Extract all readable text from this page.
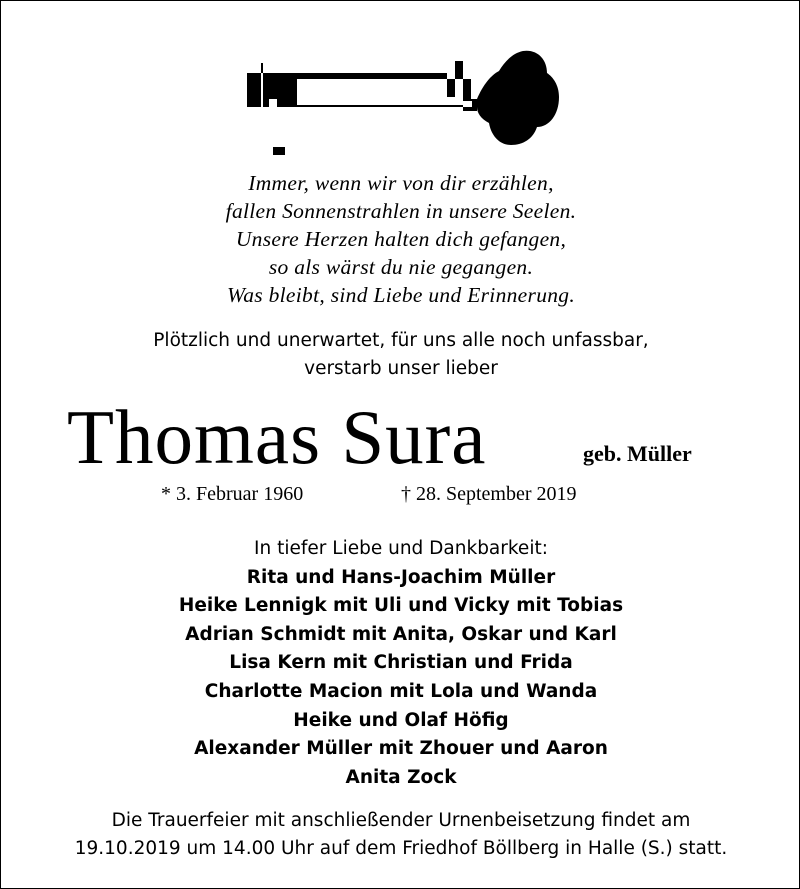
Immer, wenn wir von dir erzählen,
fallen Sonnenstrahlen in unsere Seelen.
Unsere Herzen halten dich gefangen,
so als wärst du nie gegangen.
Was bleibt, sind Liebe und Erinnerung.
Plötzlich und unerwartet, für uns alle noch unfassbar,
verstarb unser lieber
Thomas Sura	geb. Müller
* 3. Februar 1960	† 28. September 2019
In tiefer Liebe und Dankbarkeit:
Rita und Hans-Joachim Müller
Heike Lennigk mit Uli und Vicky mit Tobias
Adrian Schmidt mit Anita, Oskar und Karl
Lisa Kern mit Christian und Frida
Charlotte Macion mit Lola und Wanda
Heike und Olaf Höfig
Alexander Müller mit Zhouer und Aaron
Anita Zock
Die Trauerfeier mit anschließender Urnenbeisetzung findet am
19.10.2019 um 14.00 Uhr auf dem Friedhof Böllberg in Halle (S.) statt.
